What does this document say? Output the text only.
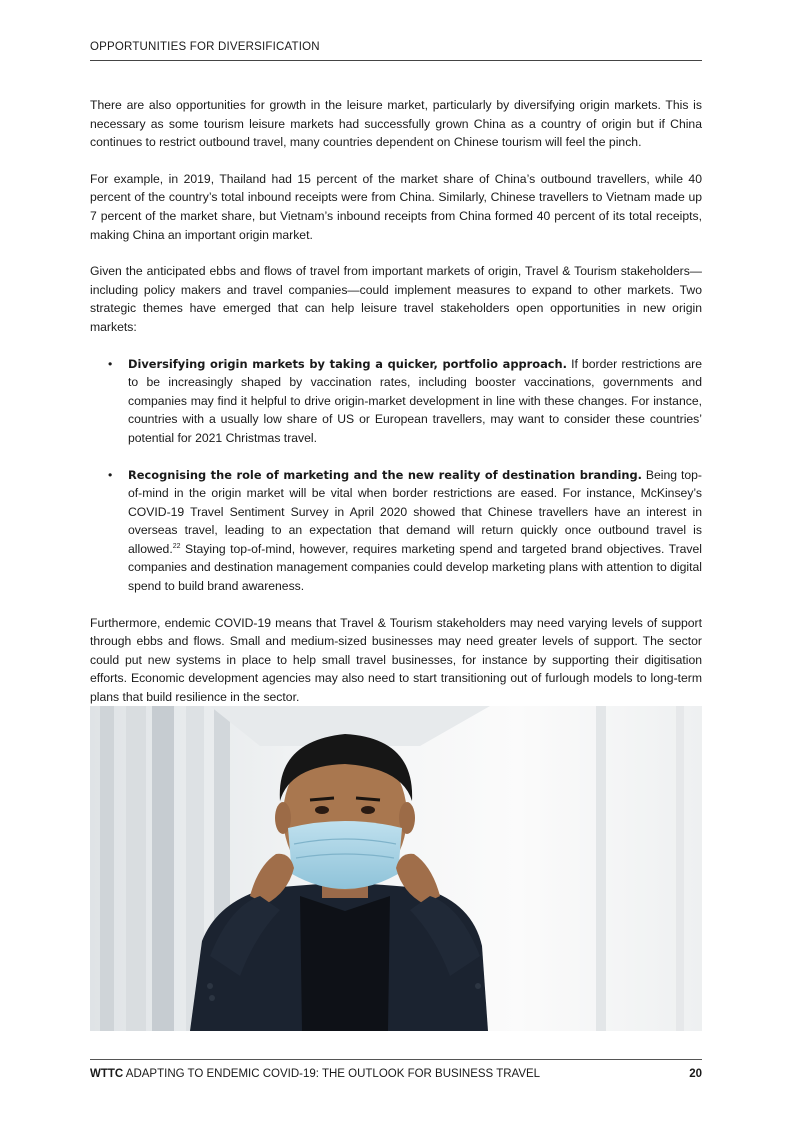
OPPORTUNITIES FOR DIVERSIFICATION

There are also opportunities for growth in the leisure market, particularly by diversifying origin markets. This is necessary as some tourism leisure markets had successfully grown China as a country of origin but if China continues to restrict outbound travel, many countries dependent on Chinese tourism will feel the pinch.

For example, in 2019, Thailand had 15 percent of the market share of China’s outbound travellers, while 40 percent of the country’s total inbound receipts were from China. Similarly, Chinese travellers to Vietnam made up 7 percent of the market share, but Vietnam’s inbound receipts from China formed 40 percent of its total receipts, making China an important origin market.

Given the anticipated ebbs and flows of travel from important markets of origin, Travel & Tourism stakeholders—including policy makers and travel companies—could implement measures to expand to other markets. Two strategic themes have emerged that can help leisure travel stakeholders open opportunities in new origin markets:

• Diversifying origin markets by taking a quicker, portfolio approach. If border restrictions are to be increasingly shaped by vaccination rates, including booster vaccinations, governments and companies may find it helpful to drive origin-market development in line with these changes. For instance, countries with a usually low share of US or European travellers, may want to consider these countries’ potential for 2021 Christmas travel.
• Recognising the role of marketing and the new reality of destination branding. Being top-of-mind in the origin market will be vital when border restrictions are eased. For instance, McKinsey’s COVID-19 Travel Sentiment Survey in April 2020 showed that Chinese travellers have an interest in overseas travel, leading to an expectation that demand will return quickly once outbound travel is allowed.$^{22}$ Staying top-of-mind, however, requires marketing spend and targeted brand objectives. Travel companies and destination management companies could develop marketing plans with attention to digital spend to build brand awareness.

Furthermore, endemic COVID-19 means that Travel & Tourism stakeholders may need varying levels of support through ebbs and flows. Small and medium-sized businesses may need greater levels of support. The sector could put new systems in place to help small travel businesses, for instance by supporting their digitisation efforts. Economic development agencies may also need to start transitioning out of furlough models to long-term plans that build resilience in the sector.

WTTC ADAPTING TO ENDEMIC COVID-19: THE OUTLOOK FOR BUSINESS TRAVEL	20
